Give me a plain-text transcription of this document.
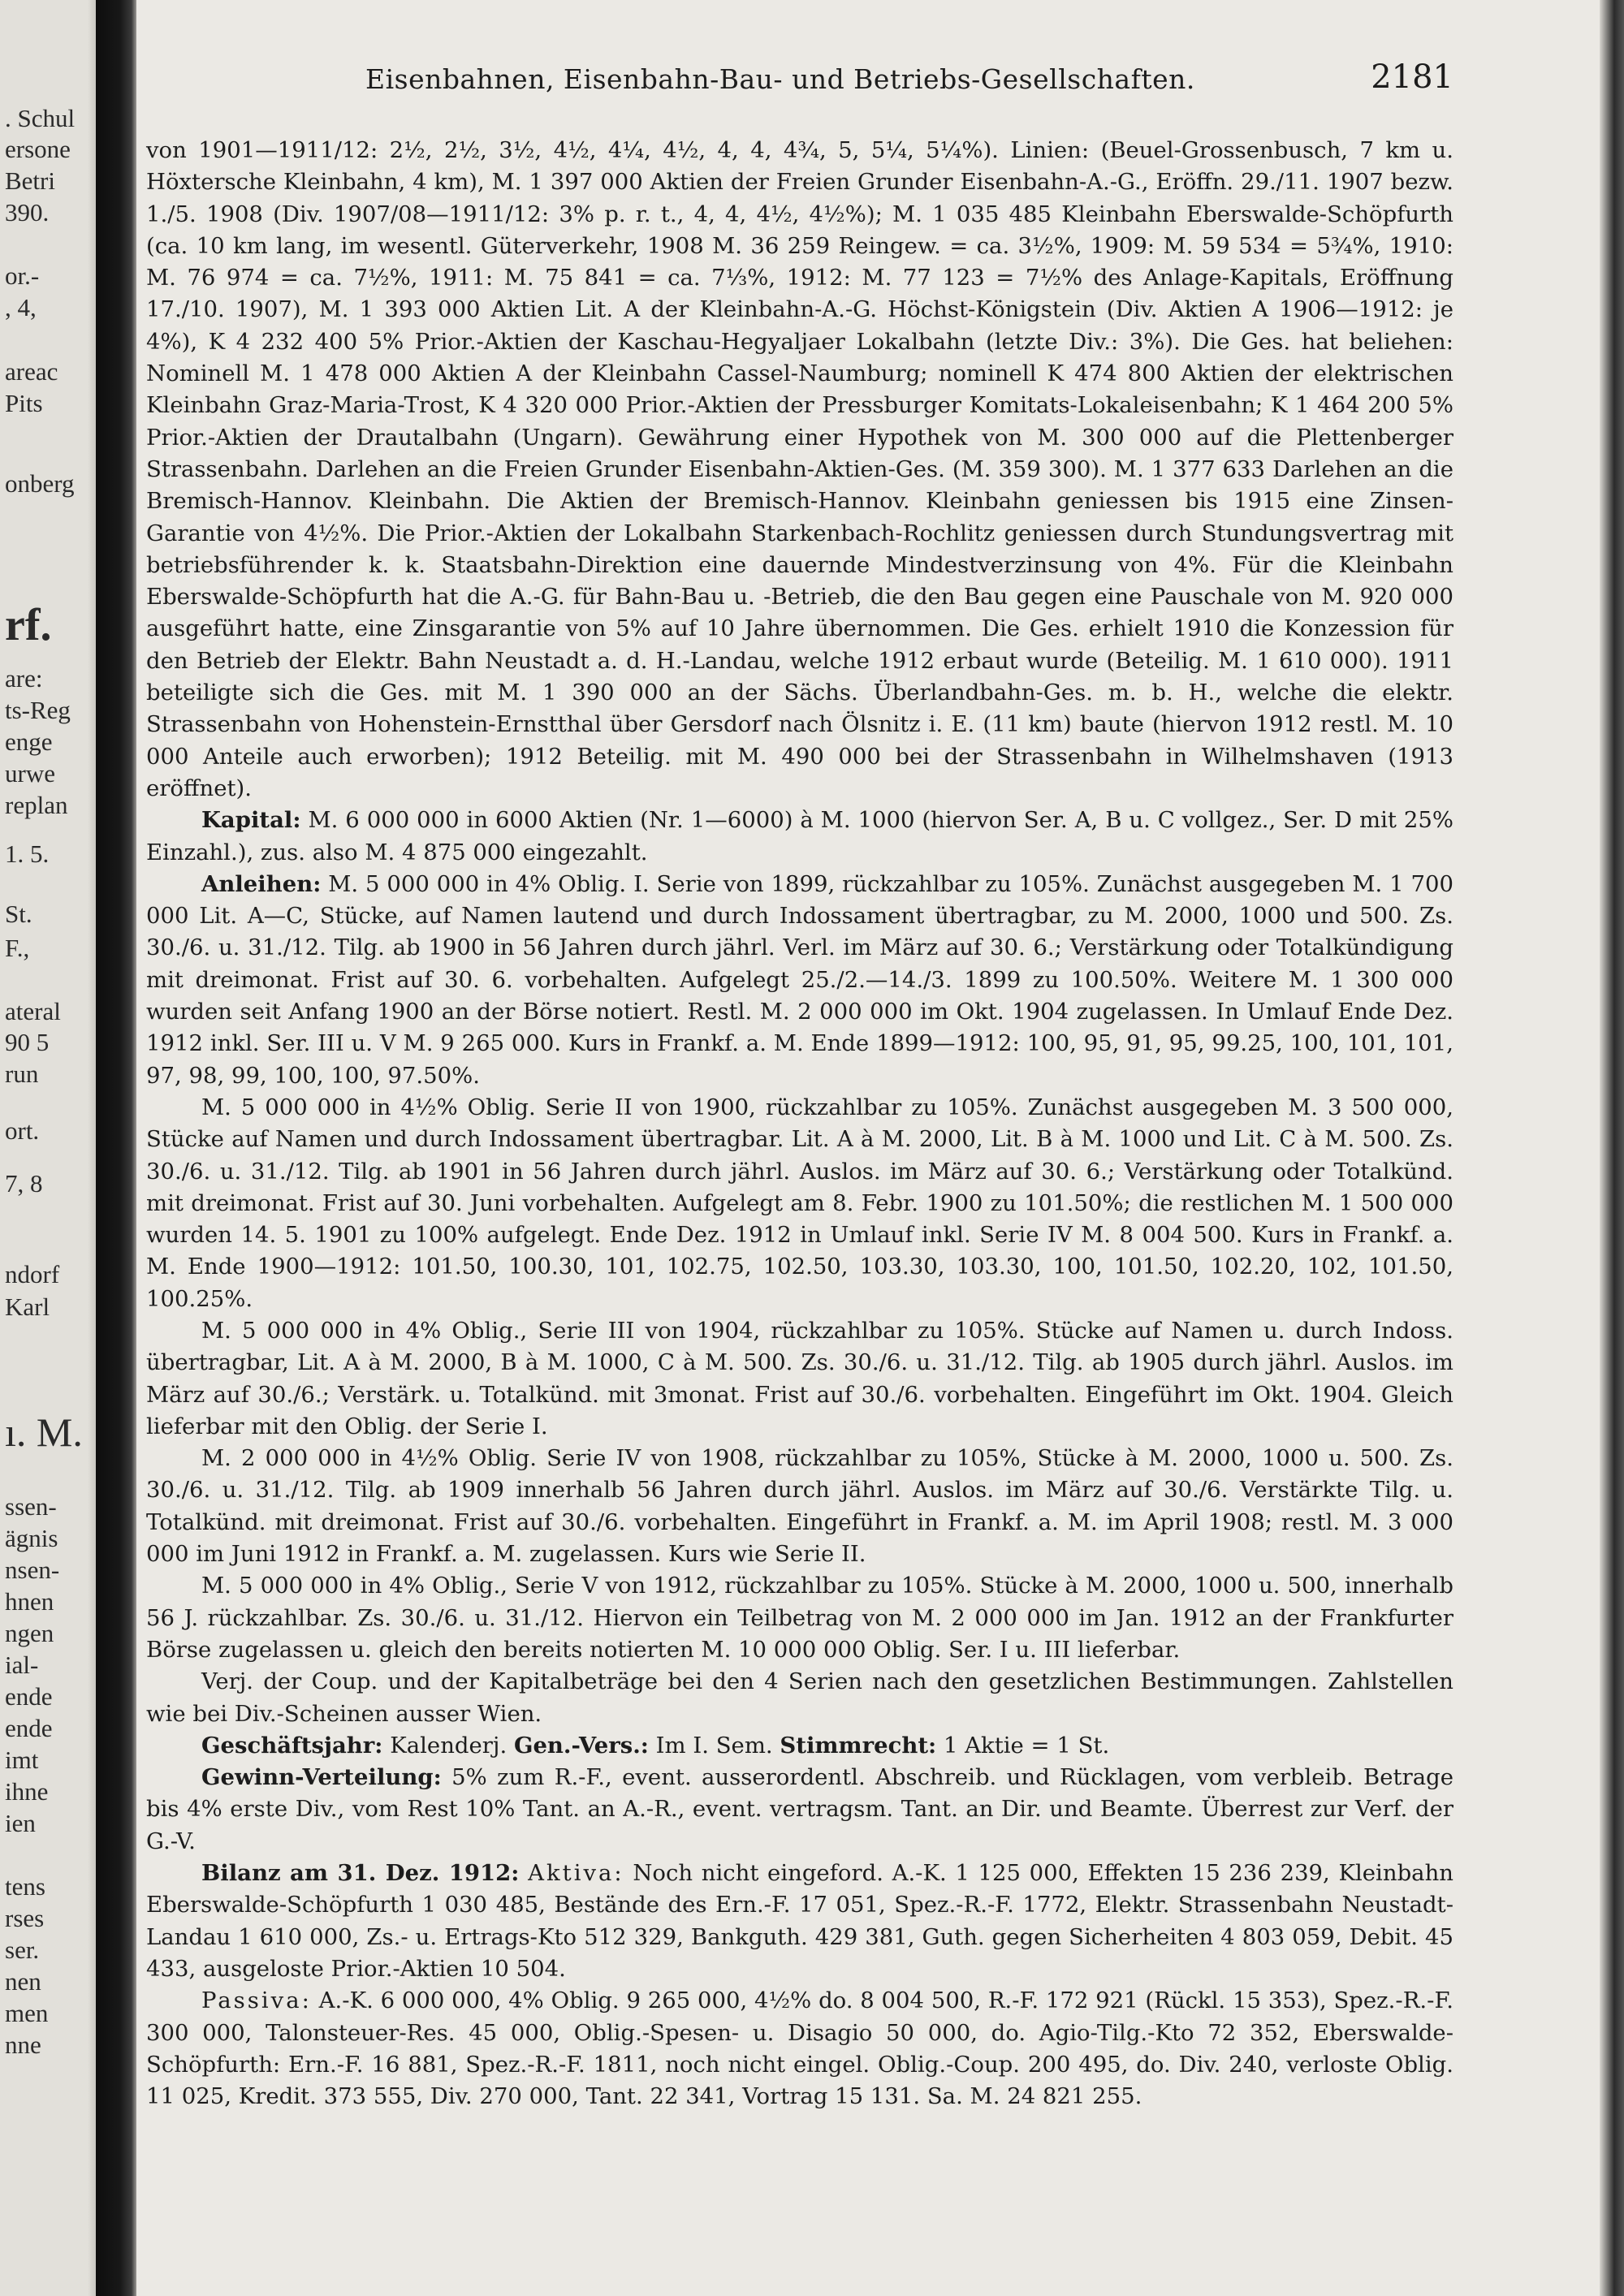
. Schul
ersone
Betri
390.
or.-
, 4,
areac
Pits
onberg
rf.
are:
ts-Reg
enge
urwe
replan
1. 5.
St.
F.,
ateral
90 5
run
ort.
7, 8
ndorf
Karl
ı. M.
ssen-
ägnis
nsen-
hnen
ngen
ial-
ende
ende
imt
ihne
ien
tens
rses
ser.
nen
men
nne
Eisenbahnen, Eisenbahn-Bau- und Betriebs-Gesellschaften.	2181

von 1901—1911/12: 2½, 2½, 3½, 4½, 4¼, 4½, 4, 4, 4¾, 5, 5¼, 5¼%). Linien: (Beuel-Grossenbusch, 7 km u. Höxtersche Kleinbahn, 4 km), M. 1 397 000 Aktien der Freien Grunder Eisenbahn-A.-G., Eröffn. 29./11. 1907 bezw. 1./5. 1908 (Div. 1907/08—1911/12: 3% p. r. t., 4, 4, 4½, 4½%); M. 1 035 485 Kleinbahn Eberswalde-Schöpfurth (ca. 10 km lang, im wesentl. Güterverkehr, 1908 M. 36 259 Reingew. = ca. 3½%, 1909: M. 59 534 = 5¾%, 1910: M. 76 974 = ca. 7½%, 1911: M. 75 841 = ca. 7⅓%, 1912: M. 77 123 = 7½% des Anlage-Kapitals, Eröffnung 17./10. 1907), M. 1 393 000 Aktien Lit. A der Kleinbahn-A.-G. Höchst-Königstein (Div. Aktien A 1906—1912: je 4%), K 4 232 400 5% Prior.-Aktien der Kaschau-Hegyaljaer Lokalbahn (letzte Div.: 3%). Die Ges. hat beliehen: Nominell M. 1 478 000 Aktien A der Kleinbahn Cassel-Naumburg; nominell K 474 800 Aktien der elektrischen Kleinbahn Graz-Maria-Trost, K 4 320 000 Prior.-Aktien der Pressburger Komitats-Lokaleisenbahn; K 1 464 200 5% Prior.-Aktien der Drautalbahn (Ungarn). Gewährung einer Hypothek von M. 300 000 auf die Plettenberger Strassenbahn. Darlehen an die Freien Grunder Eisenbahn-Aktien-Ges. (M. 359 300). M. 1 377 633 Darlehen an die Bremisch-Hannov. Kleinbahn. Die Aktien der Bremisch-Hannov. Kleinbahn geniessen bis 1915 eine Zinsen-Garantie von 4½%. Die Prior.-Aktien der Lokalbahn Starkenbach-Rochlitz geniessen durch Stundungsvertrag mit betriebsführender k. k. Staatsbahn-Direktion eine dauernde Mindestverzinsung von 4%. Für die Kleinbahn Eberswalde-Schöpfurth hat die A.-G. für Bahn-Bau u. -Betrieb, die den Bau gegen eine Pauschale von M. 920 000 ausgeführt hatte, eine Zinsgarantie von 5% auf 10 Jahre übernommen. Die Ges. erhielt 1910 die Konzession für den Betrieb der Elektr. Bahn Neustadt a. d. H.-Landau, welche 1912 erbaut wurde (Beteilig. M. 1 610 000). 1911 beteiligte sich die Ges. mit M. 1 390 000 an der Sächs. Überlandbahn-Ges. m. b. H., welche die elektr. Strassenbahn von Hohenstein-Ernstthal über Gersdorf nach Ölsnitz i. E. (11 km) baute (hiervon 1912 restl. M. 10 000 Anteile auch erworben); 1912 Beteilig. mit M. 490 000 bei der Strassenbahn in Wilhelmshaven (1913 eröffnet).

Kapital: M. 6 000 000 in 6000 Aktien (Nr. 1—6000) à M. 1000 (hiervon Ser. A, B u. C vollgez., Ser. D mit 25% Einzahl.), zus. also M. 4 875 000 eingezahlt.

Anleihen: M. 5 000 000 in 4% Oblig. I. Serie von 1899, rückzahlbar zu 105%. Zunächst ausgegeben M. 1 700 000 Lit. A—C, Stücke, auf Namen lautend und durch Indossament übertragbar, zu M. 2000, 1000 und 500. Zs. 30./6. u. 31./12. Tilg. ab 1900 in 56 Jahren durch jährl. Verl. im März auf 30. 6.; Verstärkung oder Totalkündigung mit dreimonat. Frist auf 30. 6. vorbehalten. Aufgelegt 25./2.—14./3. 1899 zu 100.50%. Weitere M. 1 300 000 wurden seit Anfang 1900 an der Börse notiert. Restl. M. 2 000 000 im Okt. 1904 zugelassen. In Umlauf Ende Dez. 1912 inkl. Ser. III u. V M. 9 265 000. Kurs in Frankf. a. M. Ende 1899—1912: 100, 95, 91, 95, 99.25, 100, 101, 101, 97, 98, 99, 100, 100, 97.50%.

M. 5 000 000 in 4½% Oblig. Serie II von 1900, rückzahlbar zu 105%. Zunächst ausgegeben M. 3 500 000, Stücke auf Namen und durch Indossament übertragbar. Lit. A à M. 2000, Lit. B à M. 1000 und Lit. C à M. 500. Zs. 30./6. u. 31./12. Tilg. ab 1901 in 56 Jahren durch jährl. Auslos. im März auf 30. 6.; Verstärkung oder Totalkünd. mit dreimonat. Frist auf 30. Juni vorbehalten. Aufgelegt am 8. Febr. 1900 zu 101.50%; die restlichen M. 1 500 000 wurden 14. 5. 1901 zu 100% aufgelegt. Ende Dez. 1912 in Umlauf inkl. Serie IV M. 8 004 500. Kurs in Frankf. a. M. Ende 1900—1912: 101.50, 100.30, 101, 102.75, 102.50, 103.30, 103.30, 100, 101.50, 102.20, 102, 101.50, 100.25%.

M. 5 000 000 in 4% Oblig., Serie III von 1904, rückzahlbar zu 105%. Stücke auf Namen u. durch Indoss. übertragbar, Lit. A à M. 2000, B à M. 1000, C à M. 500. Zs. 30./6. u. 31./12. Tilg. ab 1905 durch jährl. Auslos. im März auf 30./6.; Verstärk. u. Totalkünd. mit 3monat. Frist auf 30./6. vorbehalten. Eingeführt im Okt. 1904. Gleich lieferbar mit den Oblig. der Serie I.

M. 2 000 000 in 4½% Oblig. Serie IV von 1908, rückzahlbar zu 105%, Stücke à M. 2000, 1000 u. 500. Zs. 30./6. u. 31./12. Tilg. ab 1909 innerhalb 56 Jahren durch jährl. Auslos. im März auf 30./6. Verstärkte Tilg. u. Totalkünd. mit dreimonat. Frist auf 30./6. vorbehalten. Eingeführt in Frankf. a. M. im April 1908; restl. M. 3 000 000 im Juni 1912 in Frankf. a. M. zugelassen. Kurs wie Serie II.

M. 5 000 000 in 4% Oblig., Serie V von 1912, rückzahlbar zu 105%. Stücke à M. 2000, 1000 u. 500, innerhalb 56 J. rückzahlbar. Zs. 30./6. u. 31./12. Hiervon ein Teilbetrag von M. 2 000 000 im Jan. 1912 an der Frankfurter Börse zugelassen u. gleich den bereits notierten M. 10 000 000 Oblig. Ser. I u. III lieferbar.

Verj. der Coup. und der Kapitalbeträge bei den 4 Serien nach den gesetzlichen Bestimmungen. Zahlstellen wie bei Div.-Scheinen ausser Wien.

Geschäftsjahr: Kalenderj. Gen.-Vers.: Im I. Sem. Stimmrecht: 1 Aktie = 1 St.

Gewinn-Verteilung: 5% zum R.-F., event. ausserordentl. Abschreib. und Rücklagen, vom verbleib. Betrage bis 4% erste Div., vom Rest 10% Tant. an A.-R., event. vertragsm. Tant. an Dir. und Beamte. Überrest zur Verf. der G.-V.

Bilanz am 31. Dez. 1912: Aktiva: Noch nicht eingeford. A.-K. 1 125 000, Effekten 15 236 239, Kleinbahn Eberswalde-Schöpfurth 1 030 485, Bestände des Ern.-F. 17 051, Spez.-R.-F. 1772, Elektr. Strassenbahn Neustadt-Landau 1 610 000, Zs.- u. Ertrags-Kto 512 329, Bankguth. 429 381, Guth. gegen Sicherheiten 4 803 059, Debit. 45 433, ausgeloste Prior.-Aktien 10 504.

Passiva: A.-K. 6 000 000, 4% Oblig. 9 265 000, 4½% do. 8 004 500, R.-F. 172 921 (Rückl. 15 353), Spez.-R.-F. 300 000, Talonsteuer-Res. 45 000, Oblig.-Spesen- u. Disagio 50 000, do. Agio-Tilg.-Kto 72 352, Eberswalde-Schöpfurth: Ern.-F. 16 881, Spez.-R.-F. 1811, noch nicht eingel. Oblig.-Coup. 200 495, do. Div. 240, verloste Oblig. 11 025, Kredit. 373 555, Div. 270 000, Tant. 22 341, Vortrag 15 131. Sa. M. 24 821 255.
